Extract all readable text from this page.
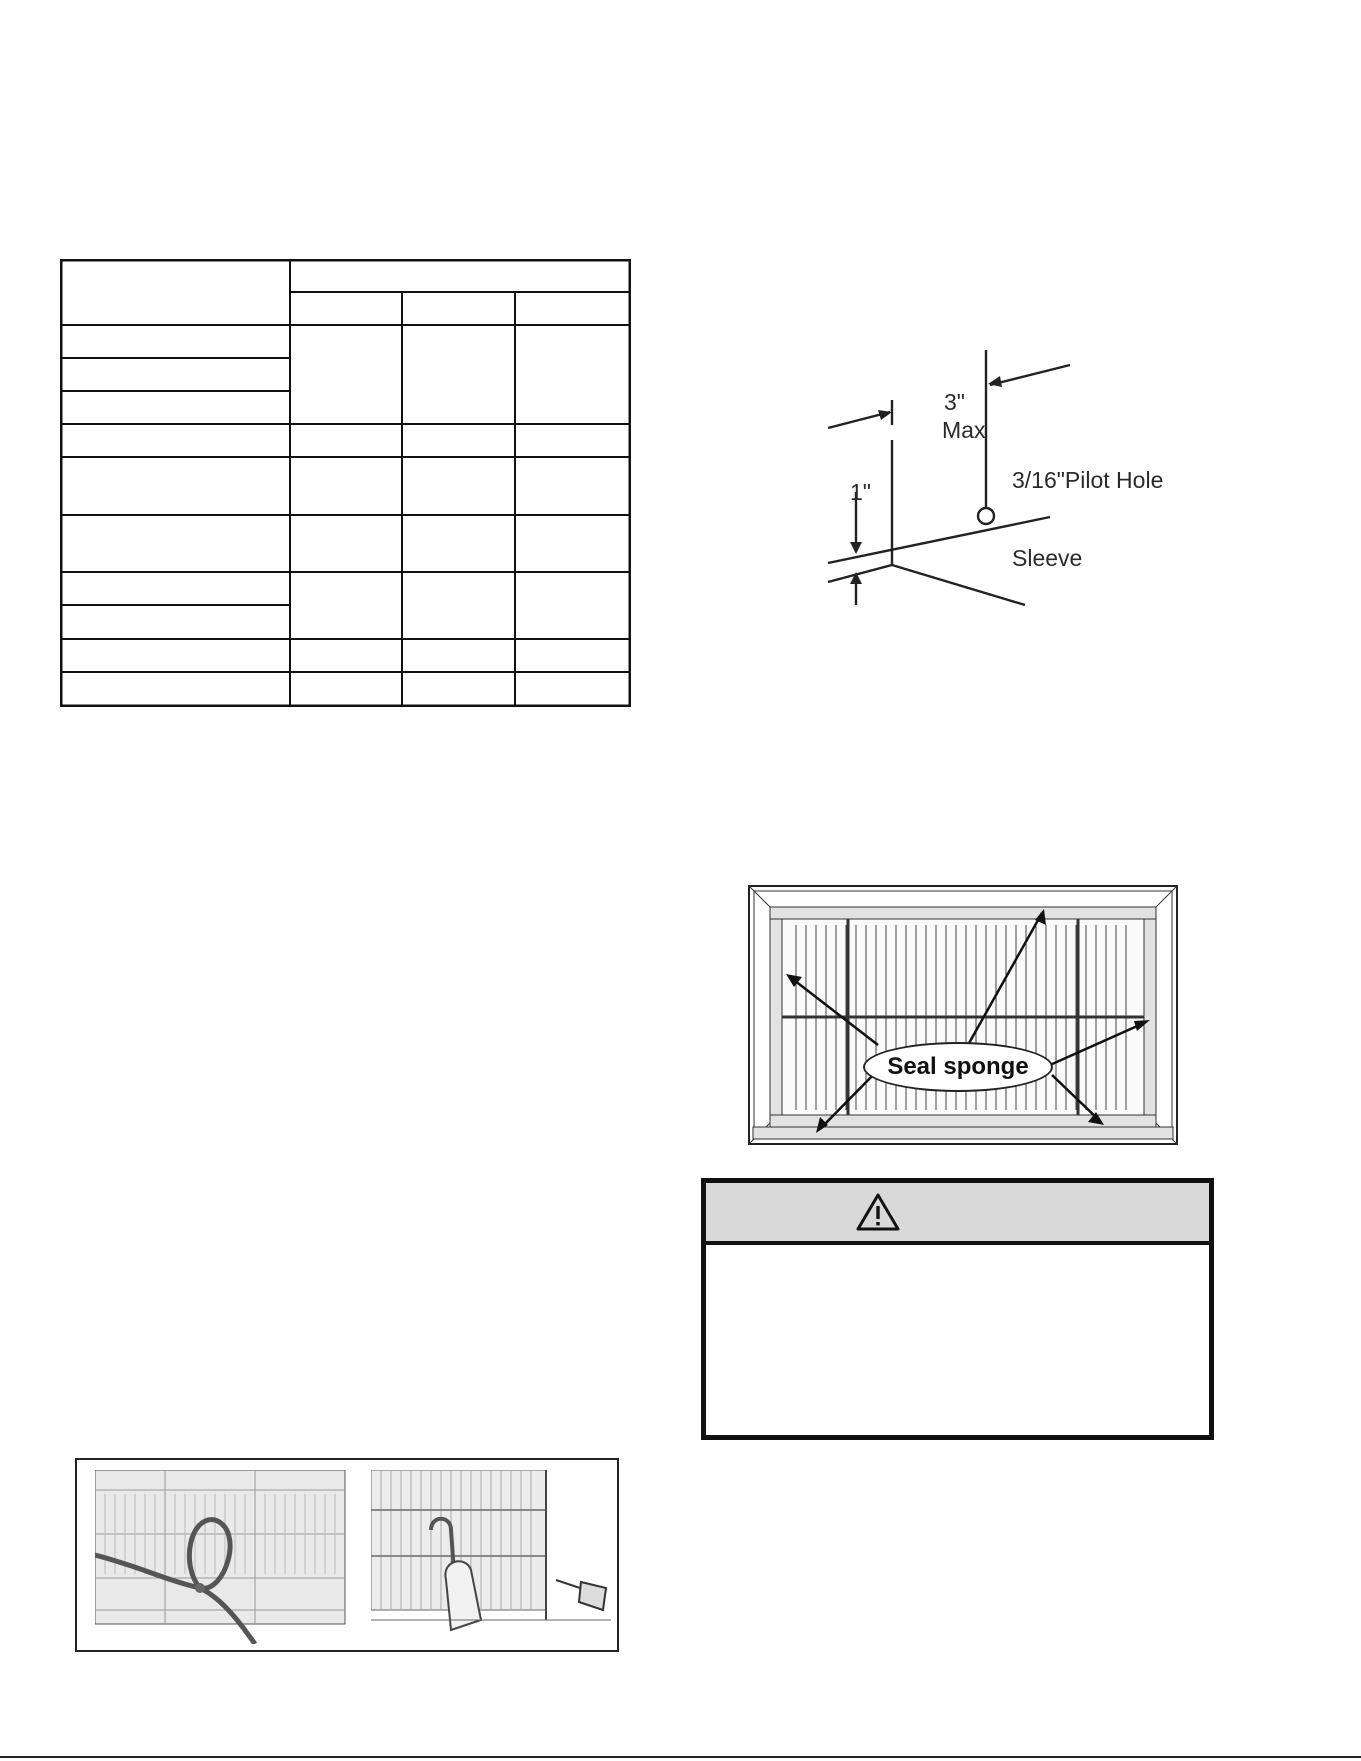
3"
Max
3/16"Pilot Hole
1"
Sleeve
Seal sponge
